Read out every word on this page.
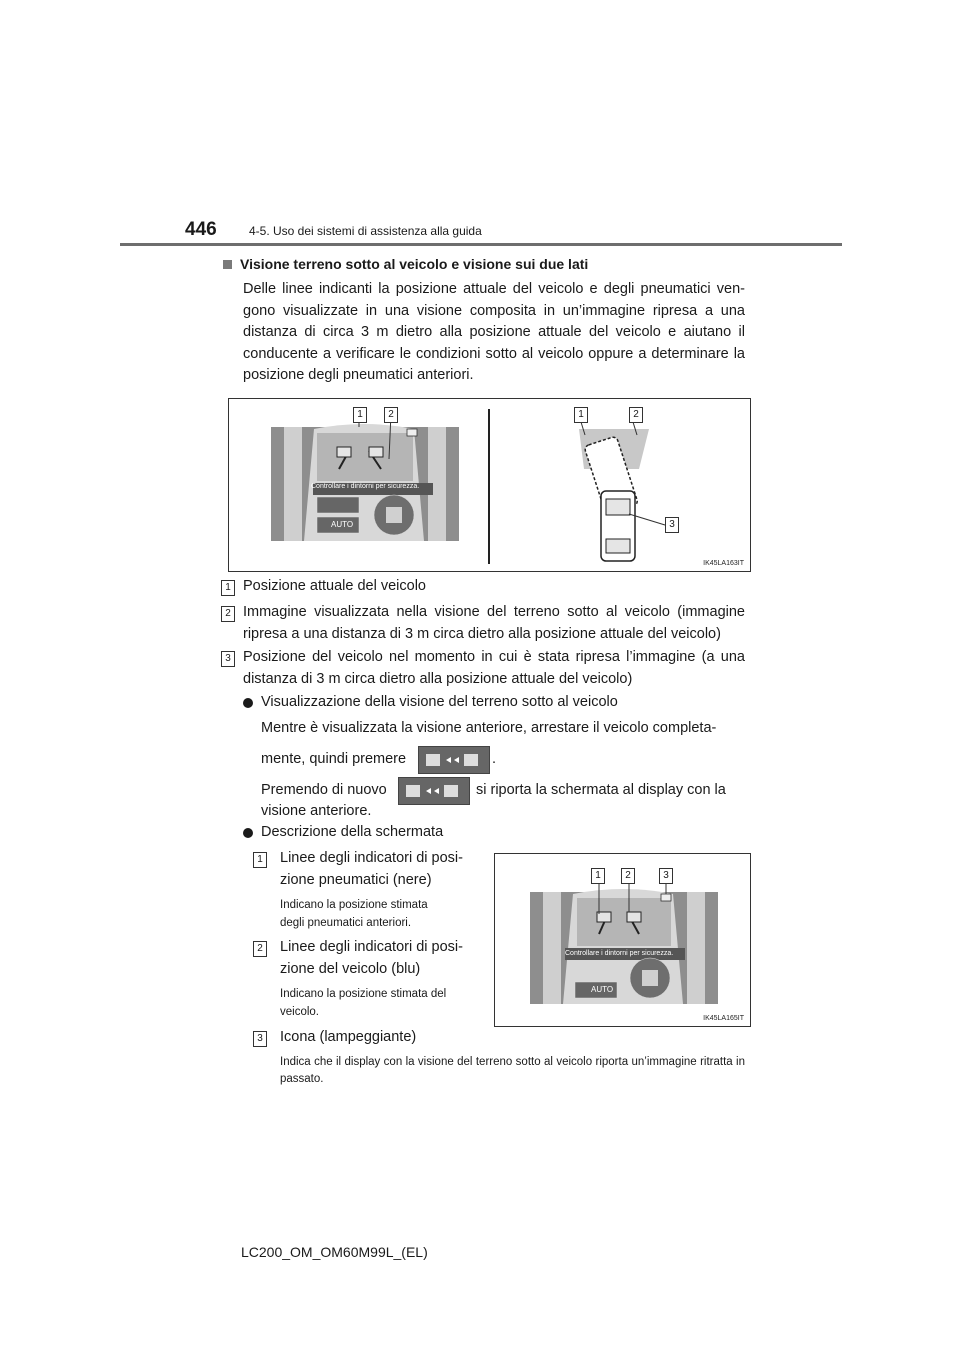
446	4-5. Uso dei sistemi di assistenza alla guida
Visione terreno sotto al veicolo e visione sui due lati
Delle linee indicanti la posizione attuale del veicolo e degli pneumatici ven-gono visualizzate in una visione composita in un’immagine ripresa a una distanza di circa 3 m dietro alla posizione attuale del veicolo e aiutano il conducente a verificare le condizioni sotto al veicolo oppure a determinare la posizione degli pneumatici anteriori.
Controllare i dintorni per sicurezza.
AUTO
1	2	1	2
3
IK45LA163IT
1 Posizione attuale del veicolo
2 Immagine visualizzata nella visione del terreno sotto al veicolo (immagine ripresa a una distanza di 3 m circa dietro alla posizione attuale del veicolo)
3 Posizione del veicolo nel momento in cui è stata ripresa l’immagine (a una distanza di 3 m circa dietro alla posizione attuale del veicolo)
Visualizzazione della visione del terreno sotto al veicolo
Mentre è visualizzata la visione anteriore, arrestare il veicolo completa-
mente, quindi premere	.
Premendo di nuovo	si riporta la schermata al display con la
visione anteriore.
Descrizione della schermata
1 Linee degli indicatori di posi-
zione pneumatici (nere)
Indicano la posizione stimata
degli pneumatici anteriori.
2 Linee degli indicatori di posi-
zione del veicolo (blu)
Indicano la posizione stimata del
veicolo.
3 Icona (lampeggiante)
Indica che il display con la visione del terreno sotto al veicolo riporta un’immagine ritratta in passato.
Controllare i dintorni per sicurezza.
AUTO
1	2	3
IK45LA165IT
LC200_OM_OM60M99L_(EL)
